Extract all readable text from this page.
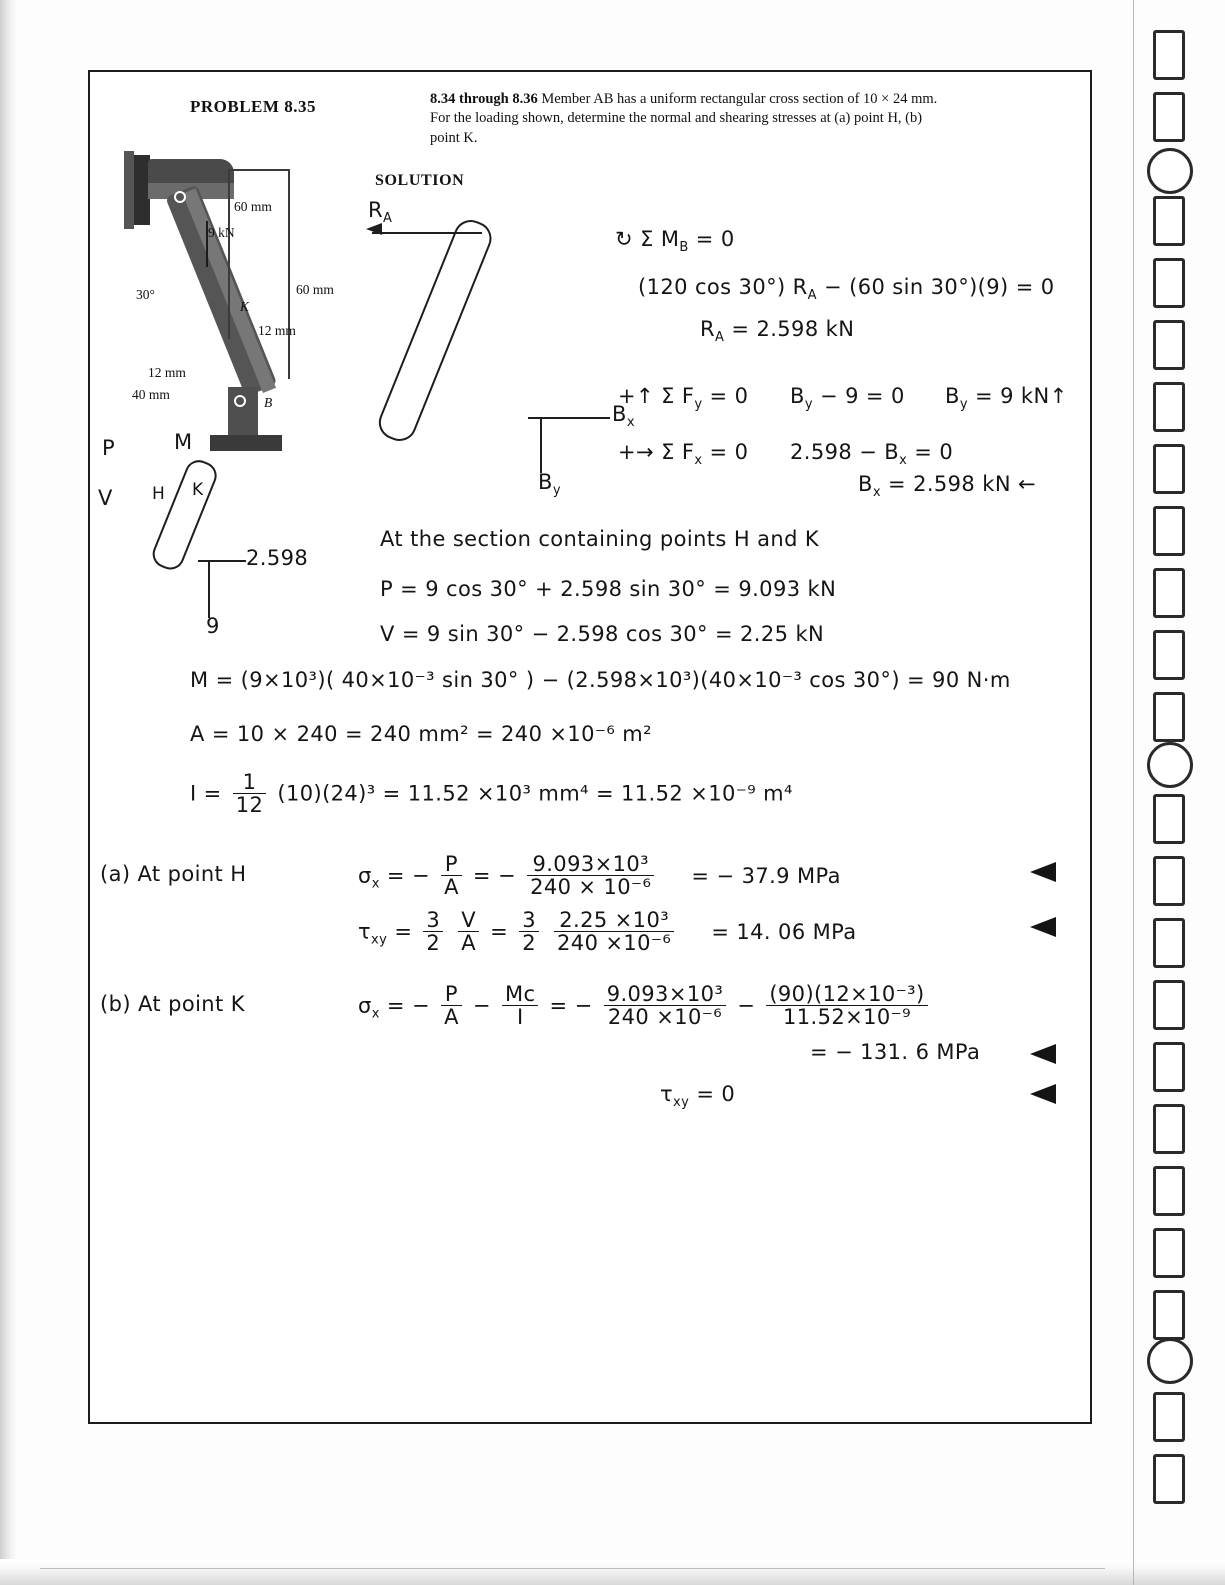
PROBLEM 8.35	8.34 through 8.36 Member AB has a uniform rectangular cross section of 10 × 24 mm.
For the loading shown, determine the normal and shearing stresses at (a) point H, (b)
point K.
SOLUTION
60 mm
60 mm
9 kN
30°
K
12 mm
12 mm
40 mm
B
$R_A$
$B_x$
$B_y$
P	M
V H K
2.598
9
↻ Σ $M_B = 0$
(120 cos 30°) $R_A - (60$ sin 30°)(9) = 0
$R_A = 2.598$ kN
+↑ Σ $F_y = 0$ $B_y - 9 = 0$ $B_y = 9$ kN↑
+→ Σ $F_x = 0$ $2.598 - B_x = 0$
$B_x = 2.598$ kN ←
At the section containing points H and K
P = 9 cos 30° + 2.598 sin 30° = 9.093 kN
V = 9 sin 30° − 2.598 cos 30° = 2.25 kN
M = (9×10³)( 40×10⁻³ sin 30° ) − (2.598×10³)(40×10⁻³ cos 30°) = 90 N·m
A = 10 × 240 = 240 mm² = 240 ×10⁻⁶ m²
$I = \frac{1}{12} (10)(24)^3 = 11.52 \times 10^3$ mm⁴ = 11.52 ×10⁻⁹ m⁴
(a) At point H	$\sigma_x$ = − $\frac{P}{A}$ = − $\frac{\text{9.093×10³}}{\text{240 × 10⁻⁶}}$ = − 37.9 MPa
$\tau_{xy} = \frac{3}{2}$
$\frac{V}{A} = \frac{3}{2}$
$\frac{\text{2.25 ×10³}}{\text{240 ×10⁻⁶}} = 14$. 06 MPa
(b) At point K	$\sigma_x$ = − $\frac{P}{A} - \frac{Mc}{I}$ = − $\frac{\text{9.093×10³}}{\text{240 ×10⁻⁶}} - \frac{\text{(90)(12×10⁻³)}}{\text{11.52×10⁻⁹}}$
= − 131. 6 MPa
$\tau_{xy} = 0$
